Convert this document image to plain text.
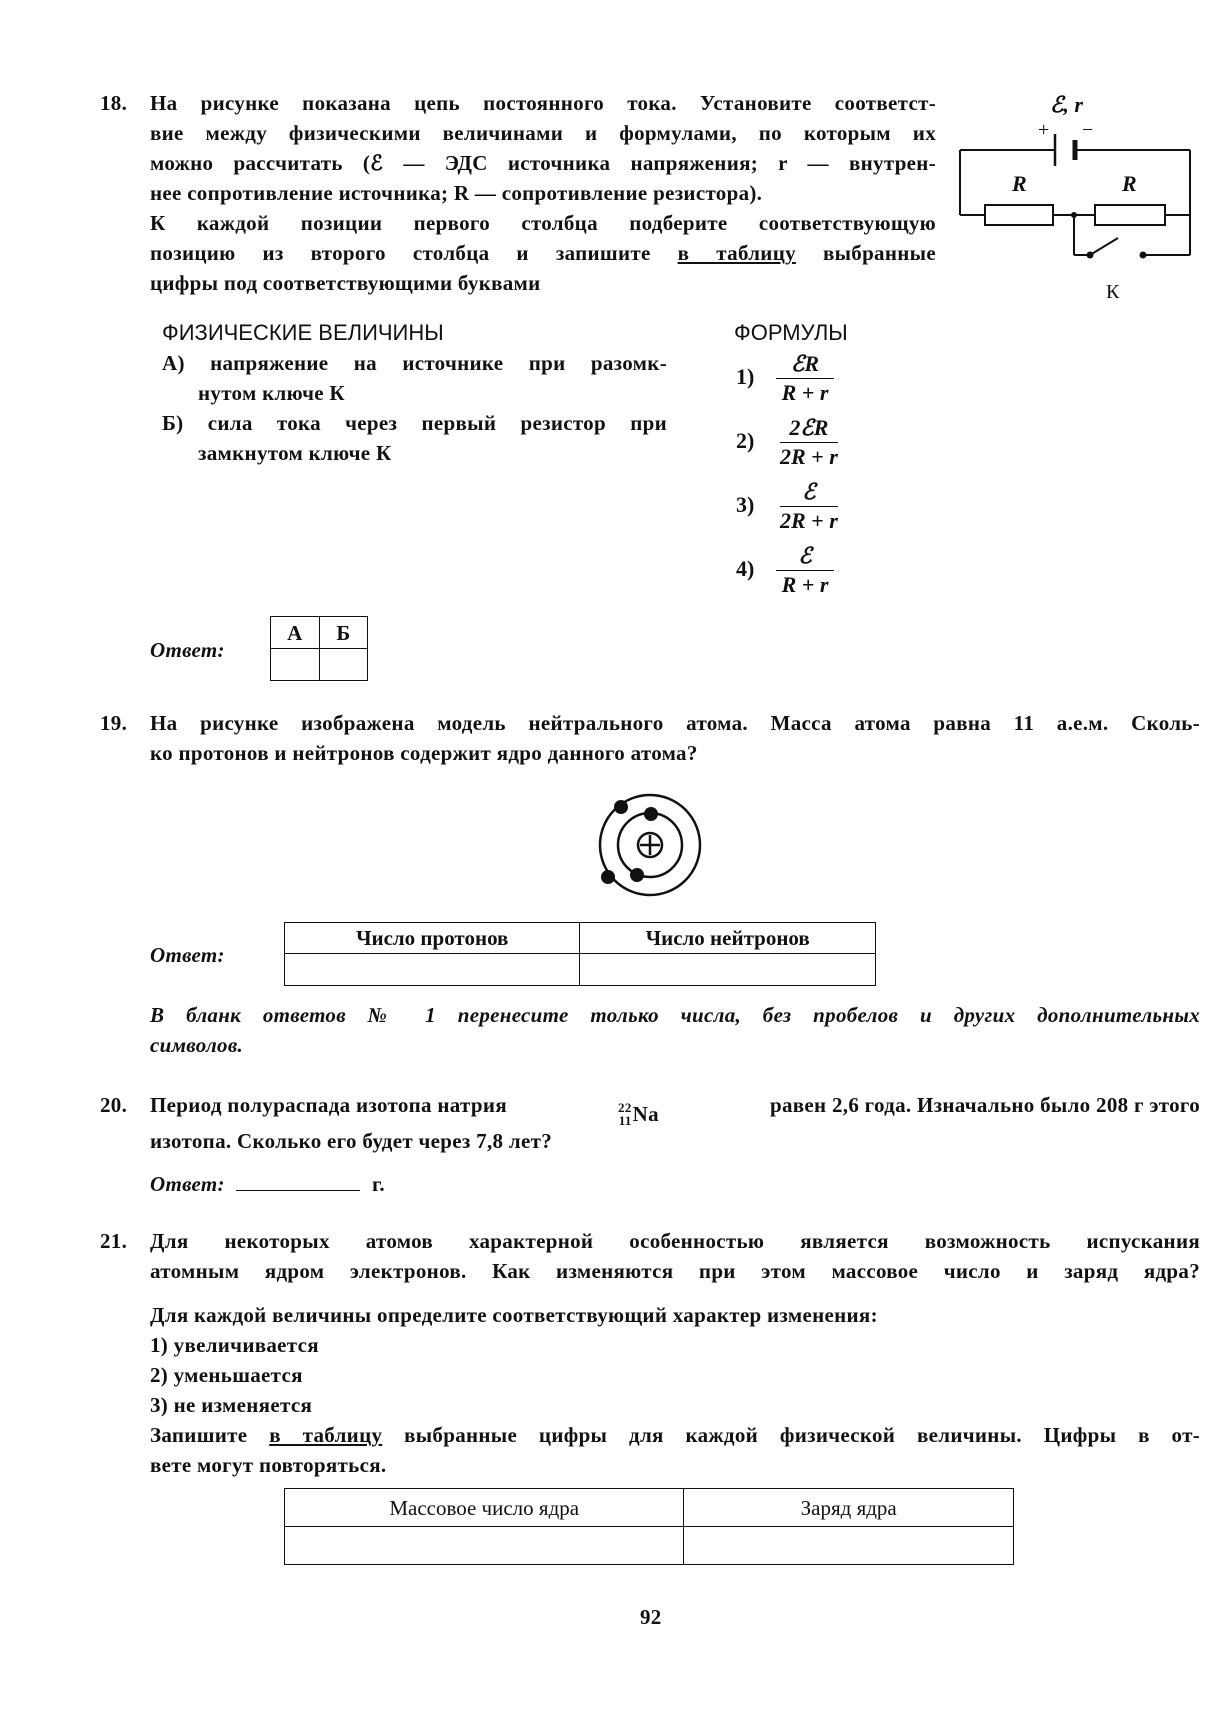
18. На рисунке показана цепь постоянного тока. Установите соответст-
вие между физическими величинами и формулами, по которым их
можно рассчитать (ℰ — ЭДС источника напряжения; r — внутрен-
нее сопротивление источника; R — сопротивление резистора).
К каждой позиции первого столбца подберите соответствующую
позицию из второго столбца и запишите в таблицу выбранные
цифры под соответствующими буквами
ℰ, r
+ −
R	R
К
ФИЗИЧЕСКИЕ ВЕЛИЧИНЫ	ФОРМУЛЫ
А) напряжение на источнике при разомк-
нутом ключе К
Б) сила тока через первый резистор при
замкнутом ключе К
$1) \frac{\text{ℰR}}{R + r}$
$2) \frac{\text{2ℰR}}{2R + r}$
$3) \frac{\text{ℰ}}{2R + r}$
$4) \frac{\text{ℰ}}{R + r}$
Ответ:
А	Б

19. На рисунке изображена модель нейтрального атома. Масса атома равна 11 а.е.м. Сколь-
ко протонов и нейтронов содержит ядро данного атома?
Ответ:
Число протонов	Число нейтронов

В бланк ответов № 1 перенесите только числа, без пробелов и других дополнительных
символов.
20. Период полураспада изотопа натрия	22
11 Na	равен 2,6 года. Изначально было 208 г этого
изотопа. Сколько его будет через 7,8 лет?
Ответ:	г.
21. Для некоторых атомов характерной особенностью является возможность испускания
атомным ядром электронов. Как изменяются при этом массовое число и заряд ядра?
Для каждой величины определите соответствующий характер изменения:
1) увеличивается
2) уменьшается
3) не изменяется
Запишите в таблицу выбранные цифры для каждой физической величины. Цифры в от-
вете могут повторяться.
Массовое число ядра	Заряд ядра

92
